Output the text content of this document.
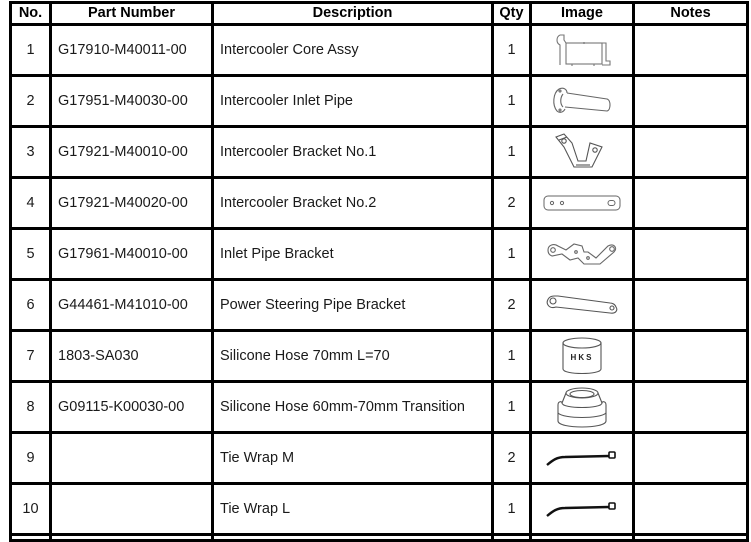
No.	Part Number	Description	Qty	Image	Notes
1	G17910-M40011-00	Intercooler Core Assy	1		
2	G17951-M40030-00	Intercooler Inlet Pipe	1		
3	G17921-M40010-00	Intercooler Bracket No.1	1		
4	G17921-M40020-00	Intercooler Bracket No.2	2		
5	G17961-M40010-00	Inlet Pipe Bracket	1		
6	G44461-M41010-00	Power Steering Pipe Bracket	2		
7	1803-SA030	Silicone Hose 70mm L=70	1	HKS	

8	G09115-K00030-00	Silicone Hose 60mm-70mm Transition	1		
9		Tie Wrap M	2		
10		Tie Wrap L	1		
